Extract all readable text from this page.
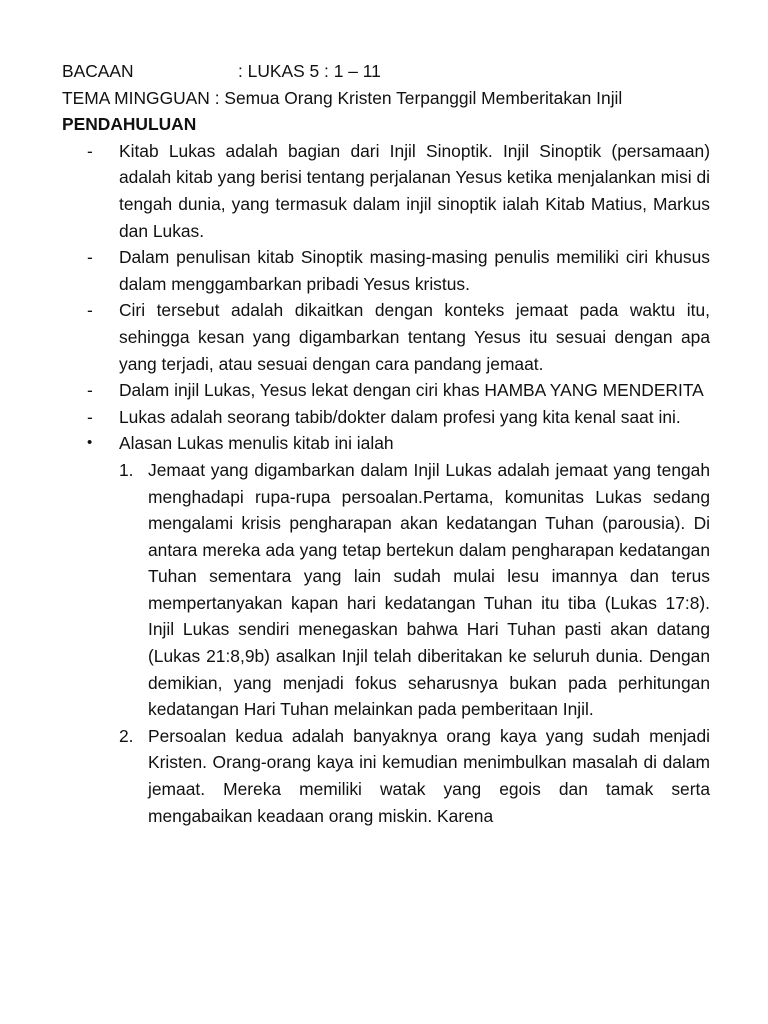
BACAAN	: LUKAS 5 : 1 – 11
TEMA MINGGUAN : Semua Orang Kristen Terpanggil Memberitakan Injil
PENDAHULUAN
- Kitab Lukas adalah bagian dari Injil Sinoptik. Injil Sinoptik (persamaan) adalah kitab yang berisi tentang perjalanan Yesus ketika menjalankan misi di tengah dunia, yang termasuk dalam injil sinoptik ialah Kitab Matius, Markus dan Lukas.
- Dalam penulisan kitab Sinoptik masing-masing penulis memiliki ciri khusus dalam menggambarkan pribadi Yesus kristus.
- Ciri tersebut adalah dikaitkan dengan konteks jemaat pada waktu itu, sehingga kesan yang digambarkan tentang Yesus itu sesuai dengan apa yang terjadi, atau sesuai dengan cara pandang jemaat.
- Dalam injil Lukas, Yesus lekat dengan ciri khas HAMBA YANG MENDERITA
- Lukas adalah seorang tabib/dokter dalam profesi yang kita kenal saat ini.
• Alasan Lukas menulis kitab ini ialah
1. Jemaat yang digambarkan dalam Injil Lukas adalah jemaat yang tengah menghadapi rupa-rupa persoalan.Pertama, komunitas Lukas sedang mengalami krisis pengharapan akan kedatangan Tuhan (parousia). Di antara mereka ada yang tetap bertekun dalam pengharapan kedatangan Tuhan sementara yang lain sudah mulai lesu imannya dan terus mempertanyakan kapan hari kedatangan Tuhan itu tiba (Lukas 17:8). Injil Lukas sendiri menegaskan bahwa Hari Tuhan pasti akan datang (Lukas 21:8,9b) asalkan Injil telah diberitakan ke seluruh dunia. Dengan demikian, yang menjadi fokus seharusnya bukan pada perhitungan kedatangan Hari Tuhan melainkan pada pemberitaan Injil.
2. Persoalan kedua adalah banyaknya orang kaya yang sudah menjadi Kristen. Orang-orang kaya ini kemudian menimbulkan masalah di dalam jemaat. Mereka memiliki watak yang egois dan tamak serta mengabaikan keadaan orang miskin. Karena
